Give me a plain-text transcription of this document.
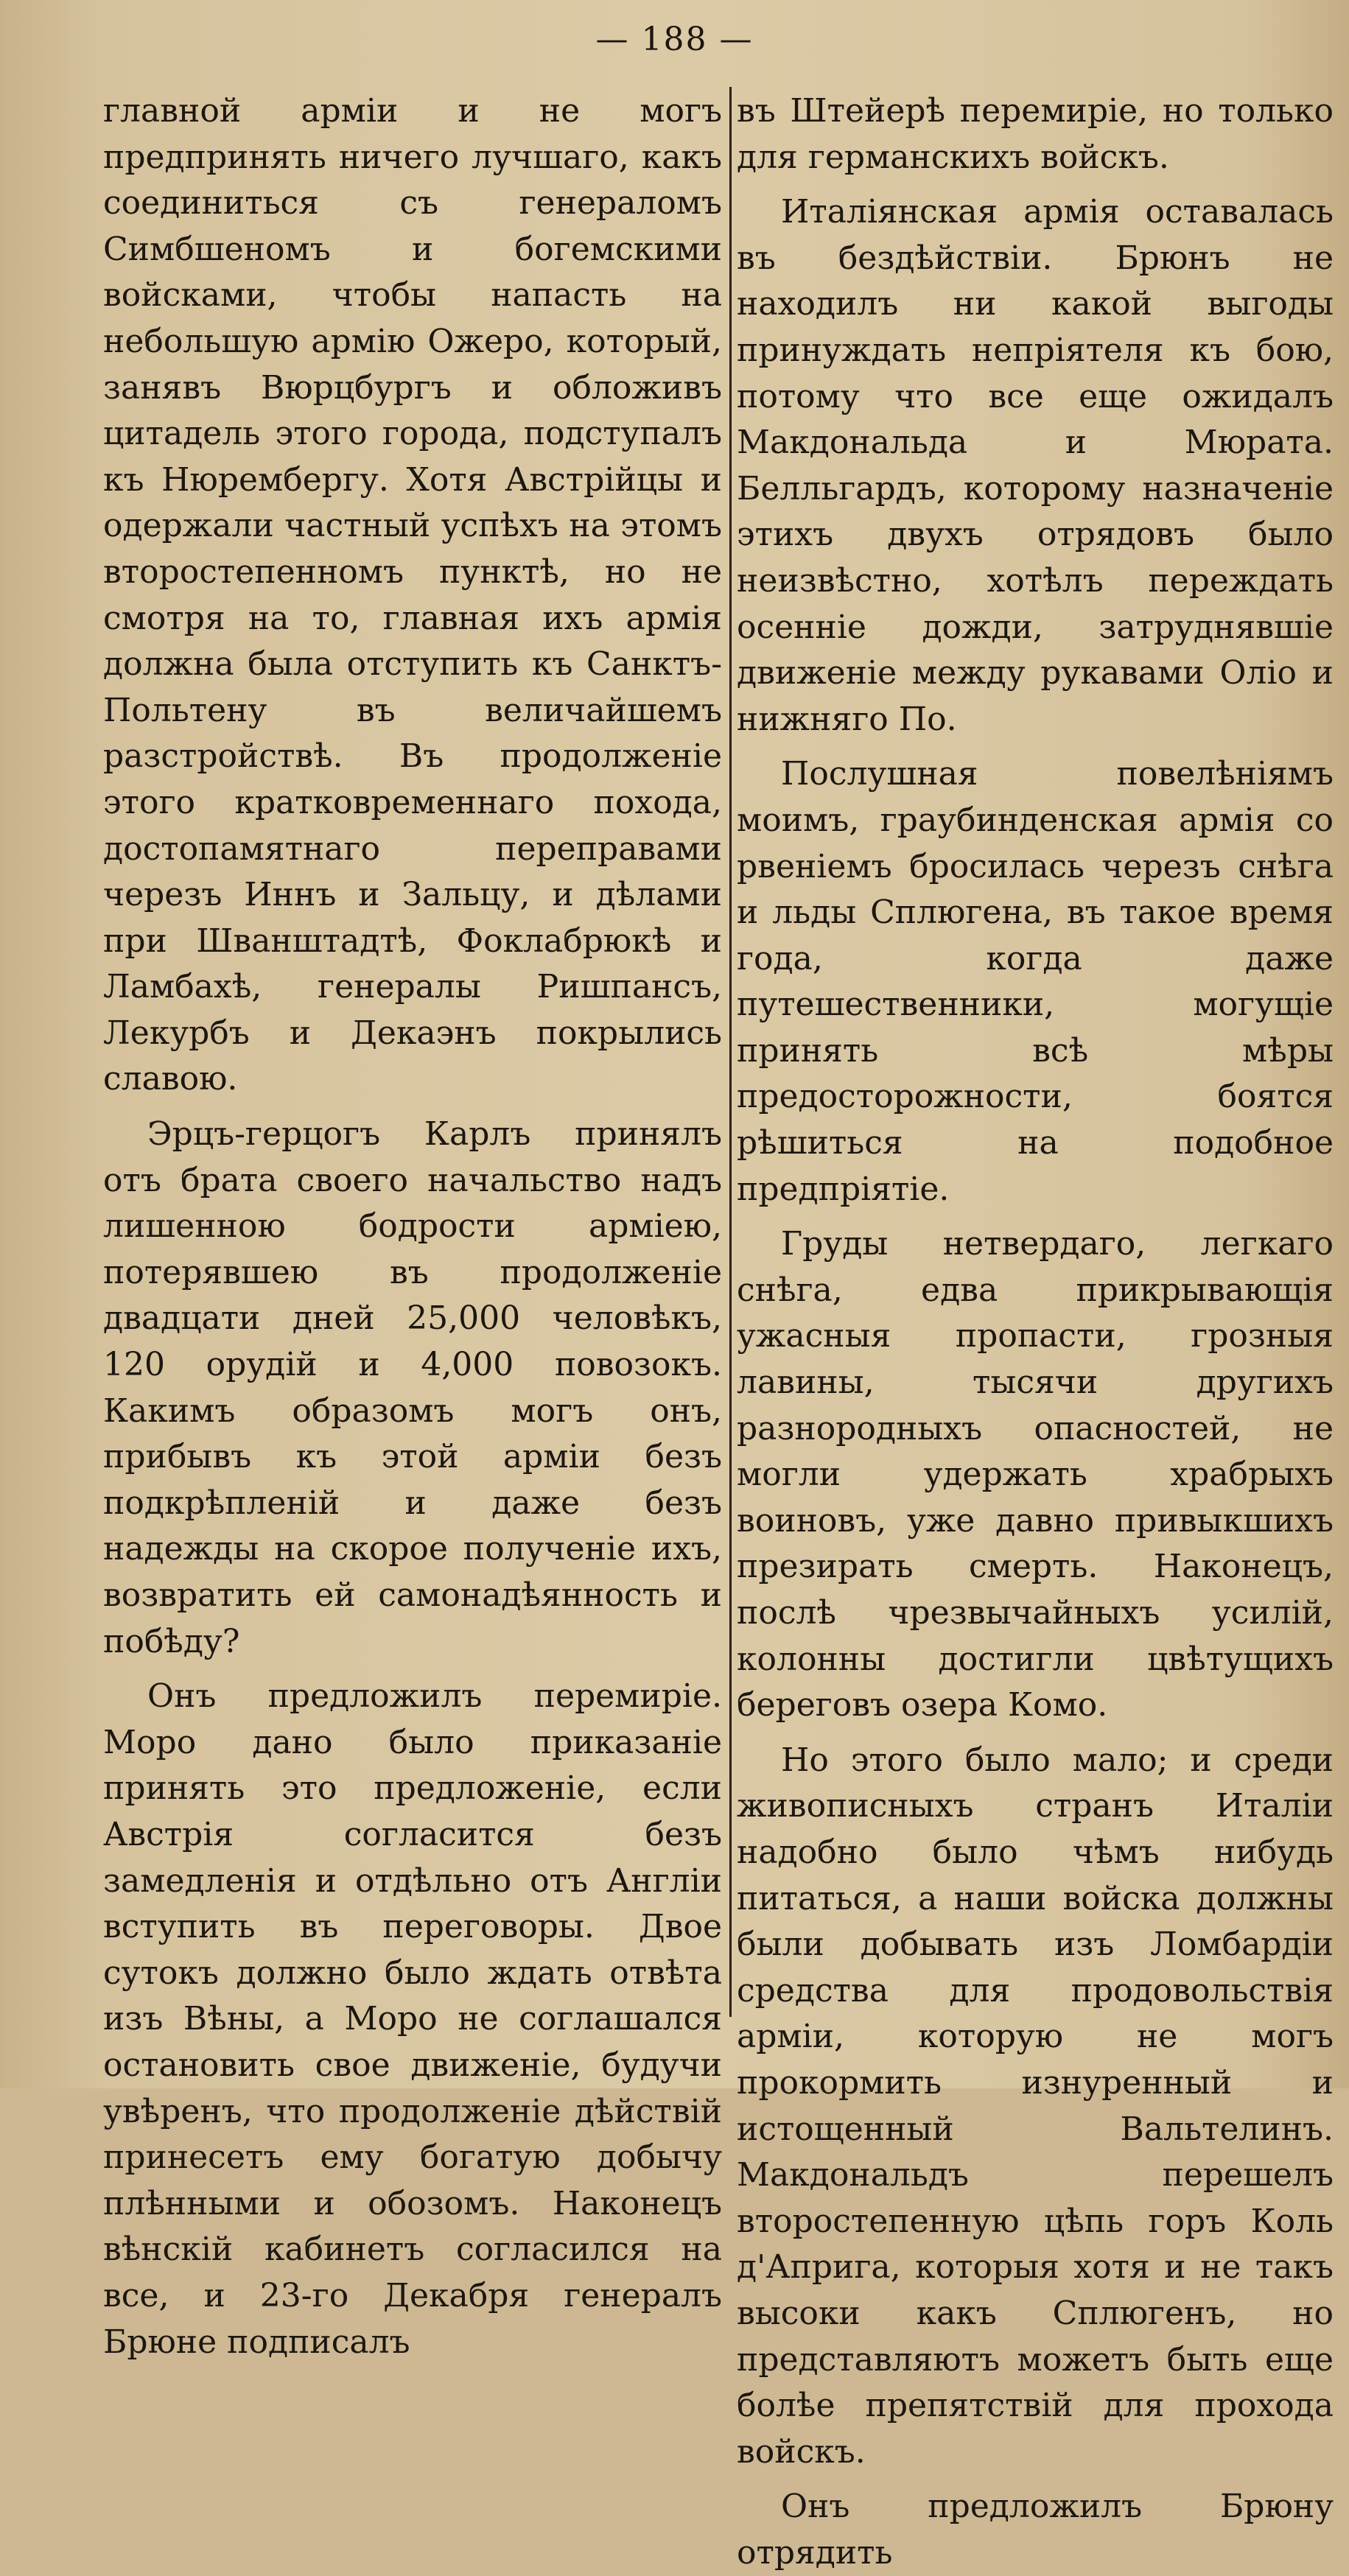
— 188 —

главной арміи и не могъ предпринять ничего лучшаго, какъ соединиться съ генераломъ Симбшеномъ и богемскими войсками, чтобы напасть на небольшую армію Ожеро, который, занявъ Вюрцбургъ и обложивъ цитадель этого города, подступалъ къ Нюрембергу. Хотя Австрійцы и одержали частный успѣхъ на этомъ второстепенномъ пунктѣ, но не смотря на то, главная ихъ армія должна была отступить къ Санктъ-Польтену въ величайшемъ разстройствѣ. Въ продолженіе этого кратковременнаго похода, достопамятнаго переправами черезъ Иннъ и Зальцу, и дѣлами при Шванштадтѣ, Фоклабрюкѣ и Ламбахѣ, генералы Ришпансъ, Лекурбъ и Декаэнъ покрылись славою.

Эрцъ-герцогъ Карлъ принялъ отъ брата своего начальство надъ лишенною бодрости арміею, потерявшею въ продолженіе двадцати дней 25,000 человѣкъ, 120 орудій и 4,000 повозокъ. Какимъ образомъ могъ онъ, прибывъ къ этой арміи безъ подкрѣпленій и даже безъ надежды на скорое полученіе ихъ, возвратить ей самонадѣянность и побѣду?

Онъ предложилъ перемиріе. Моро дано было приказаніе принять это предложеніе, если Австрія согласится безъ замедленія и отдѣльно отъ Англіи вступить въ переговоры. Двое сутокъ должно было ждать отвѣта изъ Вѣны, а Моро не соглашался остановить свое движеніе, будучи увѣренъ, что продолженіе дѣйствій принесетъ ему богатую добычу плѣнными и обозомъ. Наконецъ вѣнскій кабинетъ согласился на все, и 23-го Декабря генералъ Брюне подписалъ

въ Штейерѣ перемиріе, но только для германскихъ войскъ.

Италіянская армія оставалась въ бездѣйствіи. Брюнъ не находилъ ни какой выгоды принуждать непріятеля къ бою, потому что все еще ожидалъ Макдональда и Мюрата. Белльгардъ, которому назначеніе этихъ двухъ отрядовъ было неизвѣстно, хотѣлъ переждать осенніе дожди, затруднявшіе движеніе между рукавами Оліо и нижняго По.

Послушная повелѣніямъ моимъ, граубинденская армія со рвеніемъ бросилась черезъ снѣга и льды Сплюгена, въ такое время года, когда даже путешественники, могущіе принять всѣ мѣры предосторожности, боятся рѣшиться на подобное предпріятіе.

Груды нетвердаго, легкаго снѣга, едва прикрывающія ужасныя пропасти, грозныя лавины, тысячи другихъ разнородныхъ опасностей, не могли удержать храбрыхъ воиновъ, уже давно привыкшихъ презирать смерть. Наконецъ, послѣ чрезвычайныхъ усилій, колонны достигли цвѣтущихъ береговъ озера Комо.

Но этого было мало; и среди живописныхъ странъ Италіи надобно было чѣмъ нибудь питаться, а наши войска должны были добывать изъ Ломбардіи средства для продовольствія арміи, которую не могъ прокормить изнуренный и истощенный Вальтелинъ. Макдональдъ перешелъ второстепенную цѣпь горъ Коль д'Априга, которыя хотя и не такъ высоки какъ Сплюгенъ, но представляютъ можетъ быть еще болѣе препятствій для прохода войскъ.

Онъ предложилъ Брюну отрядить
